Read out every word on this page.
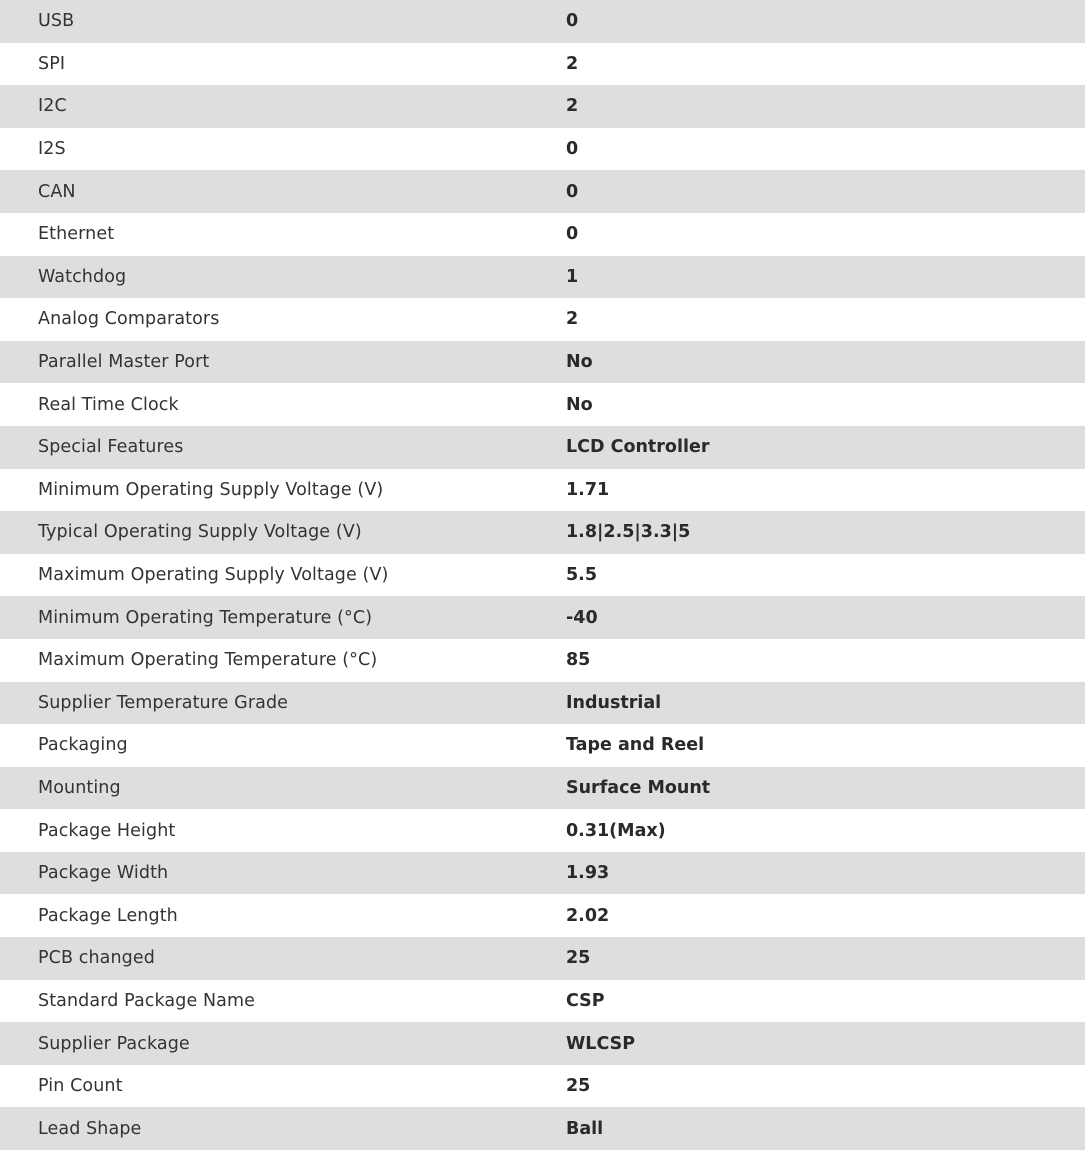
USB	0
SPI	2
I2C	2
I2S	0
CAN	0
Ethernet	0
Watchdog	1
Analog Comparators	2
Parallel Master Port	No
Real Time Clock	No
Special Features	LCD Controller
Minimum Operating Supply Voltage (V)	1.71
Typical Operating Supply Voltage (V)	1.8|2.5|3.3|5
Maximum Operating Supply Voltage (V)	5.5
Minimum Operating Temperature (°C)	-40
Maximum Operating Temperature (°C)	85
Supplier Temperature Grade	Industrial
Packaging	Tape and Reel
Mounting	Surface Mount
Package Height	0.31(Max)
Package Width	1.93
Package Length	2.02
PCB changed	25
Standard Package Name	CSP
Supplier Package	WLCSP
Pin Count	25
Lead Shape	Ball
